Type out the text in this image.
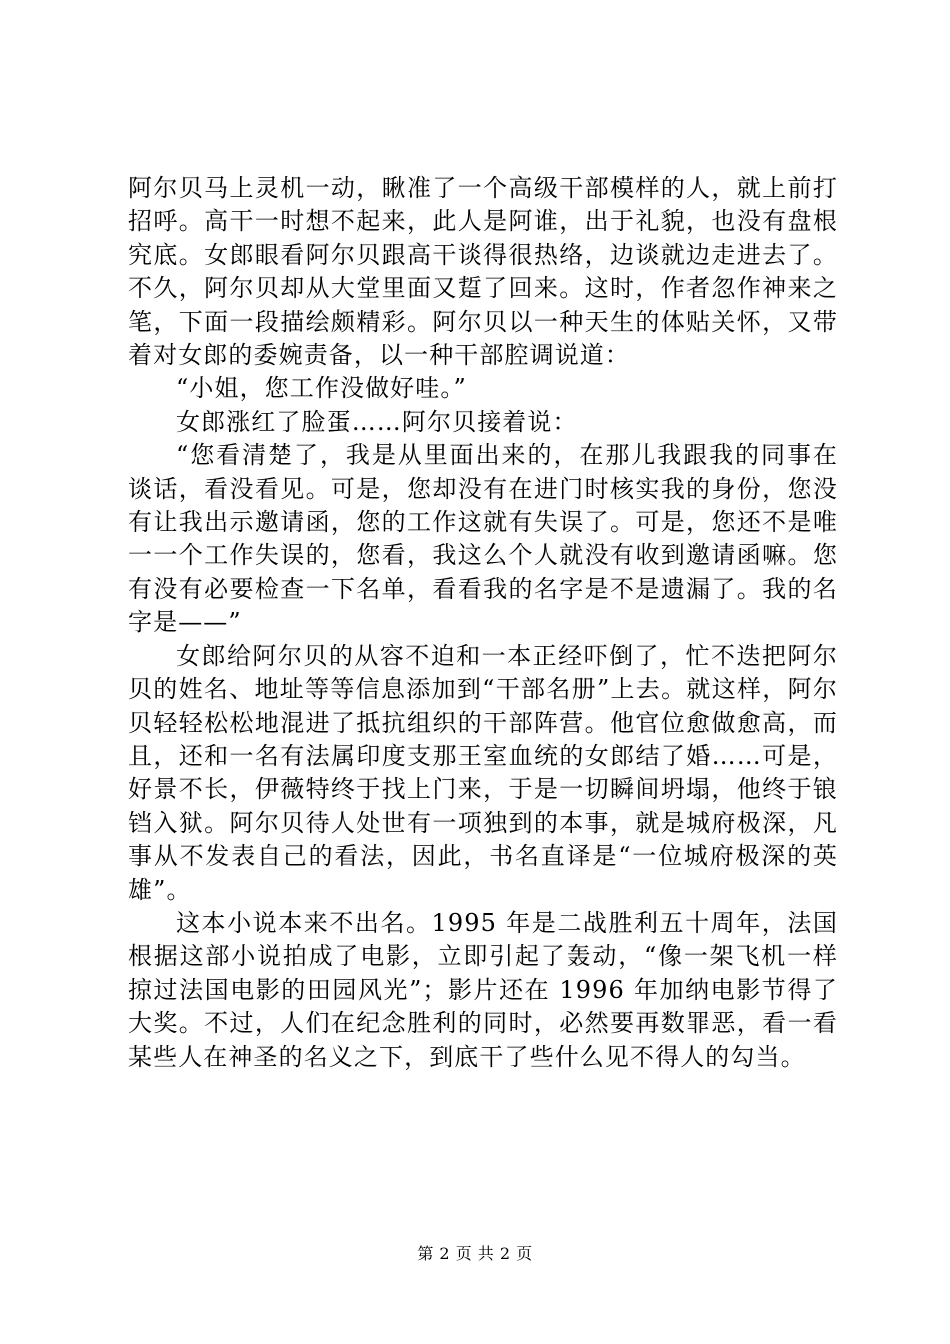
阿尔贝马上灵机一动，瞅准了一个高级干部模样的人，就上前打招呼。高干一时想不起来，此人是阿谁，出于礼貌，也没有盘根究底。女郎眼看阿尔贝跟高干谈得很热络，边谈就边走进去了。不久，阿尔贝却从大堂里面又踅了回来。这时，作者忽作神来之笔，下面一段描绘颇精彩。阿尔贝以一种天生的体贴关怀，又带着对女郎的委婉责备，以一种干部腔调说道：

“小姐，您工作没做好哇。”

女郎涨红了脸蛋……阿尔贝接着说：

“您看清楚了，我是从里面出来的，在那儿我跟我的同事在谈话，看没看见。可是，您却没有在进门时核实我的身份，您没有让我出示邀请函，您的工作这就有失误了。可是，您还不是唯一一个工作失误的，您看，我这么个人就没有收到邀请函嘛。您有没有必要检查一下名单，看看我的名字是不是遗漏了。我的名字是——”

女郎给阿尔贝的从容不迫和一本正经吓倒了，忙不迭把阿尔贝的姓名、地址等等信息添加到“干部名册”上去。就这样，阿尔贝轻轻松松地混进了抵抗组织的干部阵营。他官位愈做愈高，而且，还和一名有法属印度支那王室血统的女郎结了婚……可是，好景不长，伊薇特终于找上门来，于是一切瞬间坍塌，他终于锒铛入狱。阿尔贝待人处世有一项独到的本事，就是城府极深，凡事从不发表自己的看法，因此，书名直译是“一位城府极深的英雄”。

这本小说本来不出名。1995 年是二战胜利五十周年，法国根据这部小说拍成了电影，立即引起了轰动，“像一架飞机一样掠过法国电影的田园风光”；影片还在 1996 年加纳电影节得了大奖。不过，人们在纪念胜利的同时，必然要再数罪恶，看一看某些人在神圣的名义之下，到底干了些什么见不得人的勾当。

第 2 页 共 2 页
